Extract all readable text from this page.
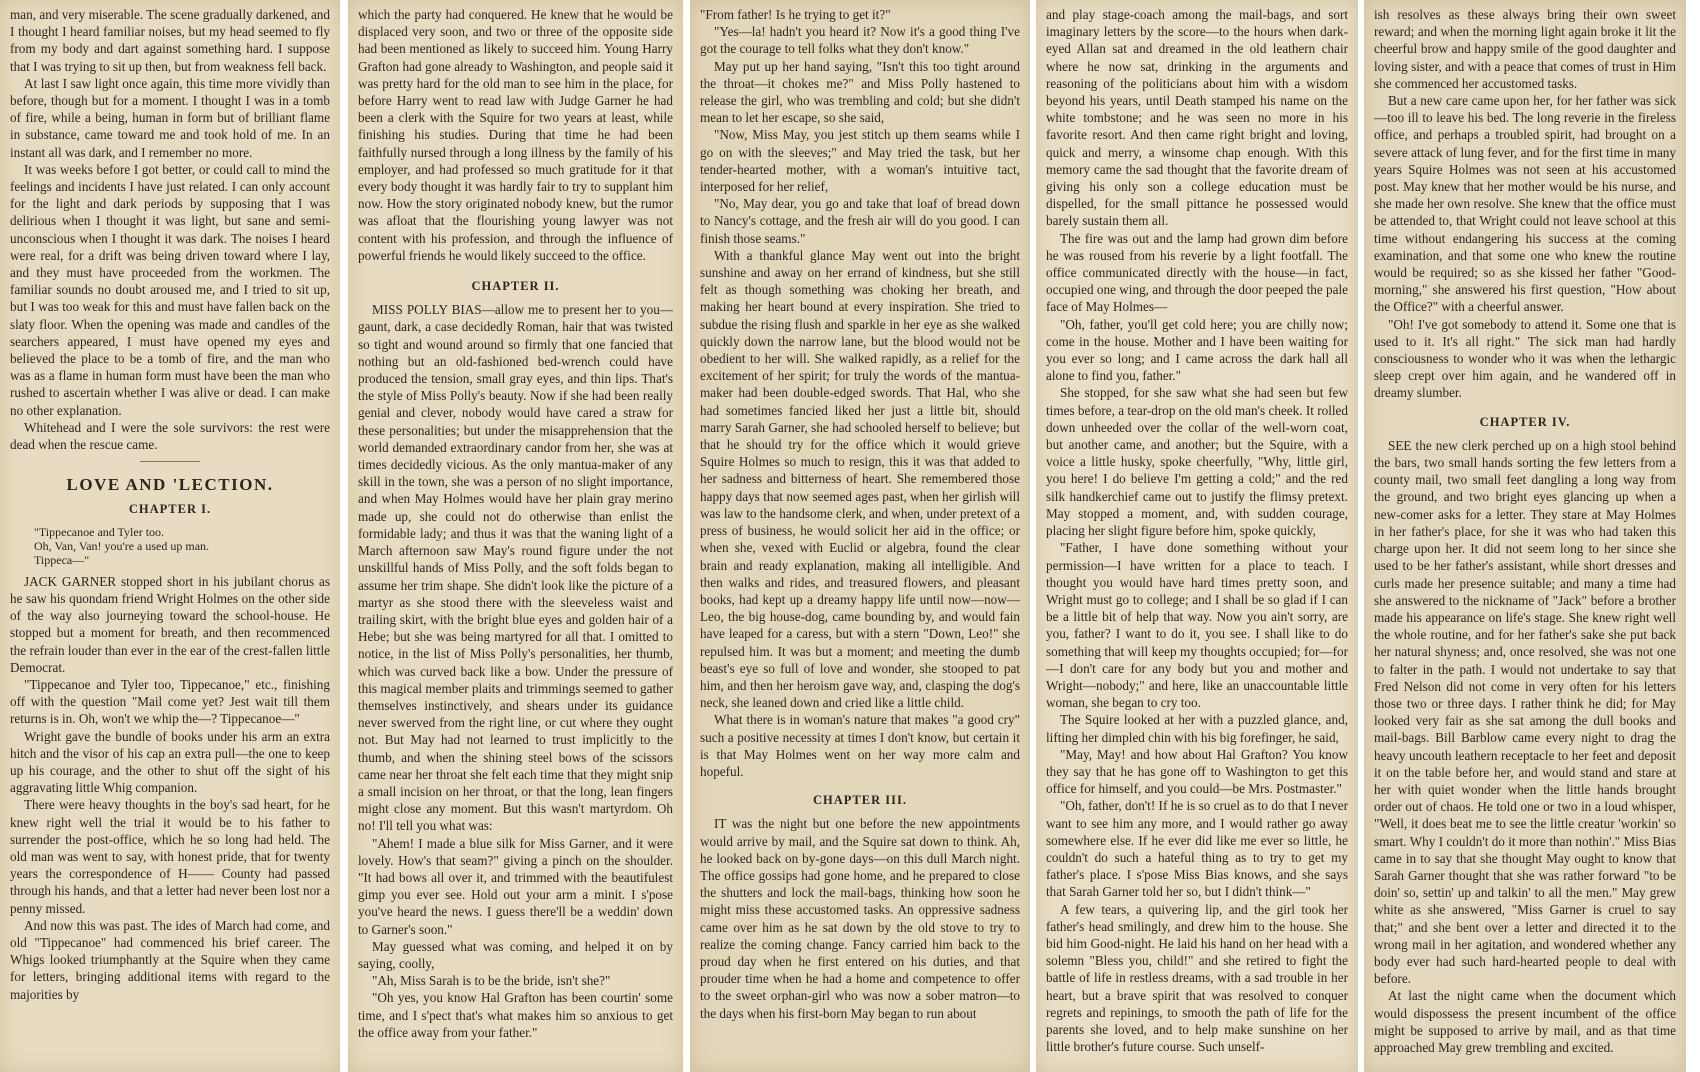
man, and very miserable. The scene gradually darkened, and I thought I heard familiar noises, but my head seemed to fly from my body and dart against something hard. I suppose that I was trying to sit up then, but from weakness fell back.

At last I saw light once again, this time more vividly than before, though but for a moment. I thought I was in a tomb of fire, while a being, human in form but of brilliant flame in substance, came toward me and took hold of me. In an instant all was dark, and I remember no more.

It was weeks before I got better, or could call to mind the feelings and incidents I have just related. I can only account for the light and dark periods by supposing that I was delirious when I thought it was light, but sane and semi-unconscious when I thought it was dark. The noises I heard were real, for a drift was being driven toward where I lay, and they must have proceeded from the workmen. The familiar sounds no doubt aroused me, and I tried to sit up, but I was too weak for this and must have fallen back on the slaty floor. When the opening was made and candles of the searchers appeared, I must have opened my eyes and believed the place to be a tomb of fire, and the man who was as a flame in human form must have been the man who rushed to ascertain whether I was alive or dead. I can make no other explanation.

Whitehead and I were the sole survivors: the rest were dead when the rescue came.

LOVE AND 'LECTION.
CHAPTER I.

"Tippecanoe and Tyler too.

Oh, Van, Van! you're a used up man.

Tippeca—"

JACK GARNER stopped short in his jubilant chorus as he saw his quondam friend Wright Holmes on the other side of the way also journeying toward the school-house. He stopped but a moment for breath, and then recommenced the refrain louder than ever in the ear of the crest-fallen little Democrat.

"Tippecanoe and Tyler too, Tippecanoe," etc., finishing off with the question "Mail come yet? Jest wait till them returns is in. Oh, won't we whip the—? Tippecanoe—"

Wright gave the bundle of books under his arm an extra hitch and the visor of his cap an extra pull—the one to keep up his courage, and the other to shut off the sight of his aggravating little Whig companion.

There were heavy thoughts in the boy's sad heart, for he knew right well the trial it would be to his father to surrender the post-office, which he so long had held. The old man was went to say, with honest pride, that for twenty years the correspondence of H—— County had passed through his hands, and that a letter had never been lost nor a penny missed.

And now this was past. The ides of March had come, and old "Tippecanoe" had commenced his brief career. The Whigs looked triumphantly at the Squire when they came for letters, bringing additional items with regard to the majorities by

which the party had conquered. He knew that he would be displaced very soon, and two or three of the opposite side had been mentioned as likely to succeed him. Young Harry Grafton had gone already to Washington, and people said it was pretty hard for the old man to see him in the place, for before Harry went to read law with Judge Garner he had been a clerk with the Squire for two years at least, while finishing his studies. During that time he had been faithfully nursed through a long illness by the family of his employer, and had professed so much gratitude for it that every body thought it was hardly fair to try to supplant him now. How the story originated nobody knew, but the rumor was afloat that the flourishing young lawyer was not content with his profession, and through the influence of powerful friends he would likely succeed to the office.

CHAPTER II.

MISS POLLY BIAS—allow me to present her to you—gaunt, dark, a case decidedly Roman, hair that was twisted so tight and wound around so firmly that one fancied that nothing but an old-fashioned bed-wrench could have produced the tension, small gray eyes, and thin lips. That's the style of Miss Polly's beauty. Now if she had been really genial and clever, nobody would have cared a straw for these personalities; but under the misapprehension that the world demanded extraordinary candor from her, she was at times decidedly vicious. As the only mantua-maker of any skill in the town, she was a person of no slight importance, and when May Holmes would have her plain gray merino made up, she could not do otherwise than enlist the formidable lady; and thus it was that the waning light of a March afternoon saw May's round figure under the not unskillful hands of Miss Polly, and the soft folds began to assume her trim shape. She didn't look like the picture of a martyr as she stood there with the sleeveless waist and trailing skirt, with the bright blue eyes and golden hair of a Hebe; but she was being martyred for all that. I omitted to notice, in the list of Miss Polly's personalities, her thumb, which was curved back like a bow. Under the pressure of this magical member plaits and trimmings seemed to gather themselves instinctively, and shears under its guidance never swerved from the right line, or cut where they ought not. But May had not learned to trust implicitly to the thumb, and when the shining steel bows of the scissors came near her throat she felt each time that they might snip a small incision on her throat, or that the long, lean fingers might close any moment. But this wasn't martyrdom. Oh no! I'll tell you what was:

"Ahem! I made a blue silk for Miss Garner, and it were lovely. How's that seam?" giving a pinch on the shoulder. "It had bows all over it, and trimmed with the beautifulest gimp you ever see. Hold out your arm a minit. I s'pose you've heard the news. I guess there'll be a weddin' down to Garner's soon."

May guessed what was coming, and helped it on by saying, coolly,

"Ah, Miss Sarah is to be the bride, isn't she?"

"Oh yes, you know Hal Grafton has been courtin' some time, and I s'pect that's what makes him so anxious to get the office away from your father."

"From father! Is he trying to get it?"

"Yes—la! hadn't you heard it? Now it's a good thing I've got the courage to tell folks what they don't know."

May put up her hand saying, "Isn't this too tight around the throat—it chokes me?" and Miss Polly hastened to release the girl, who was trembling and cold; but she didn't mean to let her escape, so she said,

"Now, Miss May, you jest stitch up them seams while I go on with the sleeves;" and May tried the task, but her tender-hearted mother, with a woman's intuitive tact, interposed for her relief,

"No, May dear, you go and take that loaf of bread down to Nancy's cottage, and the fresh air will do you good. I can finish those seams."

With a thankful glance May went out into the bright sunshine and away on her errand of kindness, but she still felt as though something was choking her breath, and making her heart bound at every inspiration. She tried to subdue the rising flush and sparkle in her eye as she walked quickly down the narrow lane, but the blood would not be obedient to her will. She walked rapidly, as a relief for the excitement of her spirit; for truly the words of the mantua-maker had been double-edged swords. That Hal, who she had sometimes fancied liked her just a little bit, should marry Sarah Garner, she had schooled herself to believe; but that he should try for the office which it would grieve Squire Holmes so much to resign, this it was that added to her sadness and bitterness of heart. She remembered those happy days that now seemed ages past, when her girlish will was law to the handsome clerk, and when, under pretext of a press of business, he would solicit her aid in the office; or when she, vexed with Euclid or algebra, found the clear brain and ready explanation, making all intelligible. And then walks and rides, and treasured flowers, and pleasant books, had kept up a dreamy happy life until now—now— Leo, the big house-dog, came bounding by, and would fain have leaped for a caress, but with a stern "Down, Leo!" she repulsed him. It was but a moment; and meeting the dumb beast's eye so full of love and wonder, she stooped to pat him, and then her heroism gave way, and, clasping the dog's neck, she leaned down and cried like a little child.

What there is in woman's nature that makes "a good cry" such a positive necessity at times I don't know, but certain it is that May Holmes went on her way more calm and hopeful.

CHAPTER III.

IT was the night but one before the new appointments would arrive by mail, and the Squire sat down to think. Ah, he looked back on by-gone days—on this dull March night. The office gossips had gone home, and he prepared to close the shutters and lock the mail-bags, thinking how soon he might miss these accustomed tasks. An oppressive sadness came over him as he sat down by the old stove to try to realize the coming change. Fancy carried him back to the proud day when he first entered on his duties, and that prouder time when he had a home and competence to offer to the sweet orphan-girl who was now a sober matron—to the days when his first-born May began to run about

and play stage-coach among the mail-bags, and sort imaginary letters by the score—to the hours when dark-eyed Allan sat and dreamed in the old leathern chair where he now sat, drinking in the arguments and reasoning of the politicians about him with a wisdom beyond his years, until Death stamped his name on the white tombstone; and he was seen no more in his favorite resort. And then came right bright and loving, quick and merry, a winsome chap enough. With this memory came the sad thought that the favorite dream of giving his only son a college education must be dispelled, for the small pittance he possessed would barely sustain them all.

The fire was out and the lamp had grown dim before he was roused from his reverie by a light footfall. The office communicated directly with the house—in fact, occupied one wing, and through the door peeped the pale face of May Holmes—

"Oh, father, you'll get cold here; you are chilly now; come in the house. Mother and I have been waiting for you ever so long; and I came across the dark hall all alone to find you, father."

She stopped, for she saw what she had seen but few times before, a tear-drop on the old man's cheek. It rolled down unheeded over the collar of the well-worn coat, but another came, and another; but the Squire, with a voice a little husky, spoke cheerfully, "Why, little girl, you here! I do believe I'm getting a cold;" and the red silk handkerchief came out to justify the flimsy pretext. May stopped a moment, and, with sudden courage, placing her slight figure before him, spoke quickly,

"Father, I have done something without your permission—I have written for a place to teach. I thought you would have hard times pretty soon, and Wright must go to college; and I shall be so glad if I can be a little bit of help that way. Now you ain't sorry, are you, father? I want to do it, you see. I shall like to do something that will keep my thoughts occupied; for—for—I don't care for any body but you and mother and Wright—nobody;" and here, like an unaccountable little woman, she began to cry too.

The Squire looked at her with a puzzled glance, and, lifting her dimpled chin with his big forefinger, he said,

"May, May! and how about Hal Grafton? You know they say that he has gone off to Washington to get this office for himself, and you could—be Mrs. Postmaster."

"Oh, father, don't! If he is so cruel as to do that I never want to see him any more, and I would rather go away somewhere else. If he ever did like me ever so little, he couldn't do such a hateful thing as to try to get my father's place. I s'pose Miss Bias knows, and she says that Sarah Garner told her so, but I didn't think—"

A few tears, a quivering lip, and the girl took her father's head smilingly, and drew him to the house. She bid him Good-night. He laid his hand on her head with a solemn "Bless you, child!" and she retired to fight the battle of life in restless dreams, with a sad trouble in her heart, but a brave spirit that was resolved to conquer regrets and repinings, to smooth the path of life for the parents she loved, and to help make sunshine on her little brother's future course. Such unself-

ish resolves as these always bring their own sweet reward; and when the morning light again broke it lit the cheerful brow and happy smile of the good daughter and loving sister, and with a peace that comes of trust in Him she commenced her accustomed tasks.

But a new care came upon her, for her father was sick—too ill to leave his bed. The long reverie in the fireless office, and perhaps a troubled spirit, had brought on a severe attack of lung fever, and for the first time in many years Squire Holmes was not seen at his accustomed post. May knew that her mother would be his nurse, and she made her own resolve. She knew that the office must be attended to, that Wright could not leave school at this time without endangering his success at the coming examination, and that some one who knew the routine would be required; so as she kissed her father "Good-morning," she answered his first question, "How about the Office?" with a cheerful answer.

"Oh! I've got somebody to attend it. Some one that is used to it. It's all right." The sick man had hardly consciousness to wonder who it was when the lethargic sleep crept over him again, and he wandered off in dreamy slumber.

CHAPTER IV.

SEE the new clerk perched up on a high stool behind the bars, two small hands sorting the few letters from a county mail, two small feet dangling a long way from the ground, and two bright eyes glancing up when a new-comer asks for a letter. They stare at May Holmes in her father's place, for she it was who had taken this charge upon her. It did not seem long to her since she used to be her father's assistant, while short dresses and curls made her presence suitable; and many a time had she answered to the nickname of "Jack" before a brother made his appearance on life's stage. She knew right well the whole routine, and for her father's sake she put back her natural shyness; and, once resolved, she was not one to falter in the path. I would not undertake to say that Fred Nelson did not come in very often for his letters those two or three days. I rather think he did; for May looked very fair as she sat among the dull books and mail-bags. Bill Barblow came every night to drag the heavy uncouth leathern receptacle to her feet and deposit it on the table before her, and would stand and stare at her with quiet wonder when the little hands brought order out of chaos. He told one or two in a loud whisper, "Well, it does beat me to see the little creatur 'workin' so smart. Why I couldn't do it more than nothin'." Miss Bias came in to say that she thought May ought to know that Sarah Garner thought that she was rather forward "to be doin' so, settin' up and talkin' to all the men." May grew white as she answered, "Miss Garner is cruel to say that;" and she bent over a letter and directed it to the wrong mail in her agitation, and wondered whether any body ever had such hard-hearted people to deal with before.

At last the night came when the document which would dispossess the present incumbent of the office might be supposed to arrive by mail, and as that time approached May grew trembling and excited.
